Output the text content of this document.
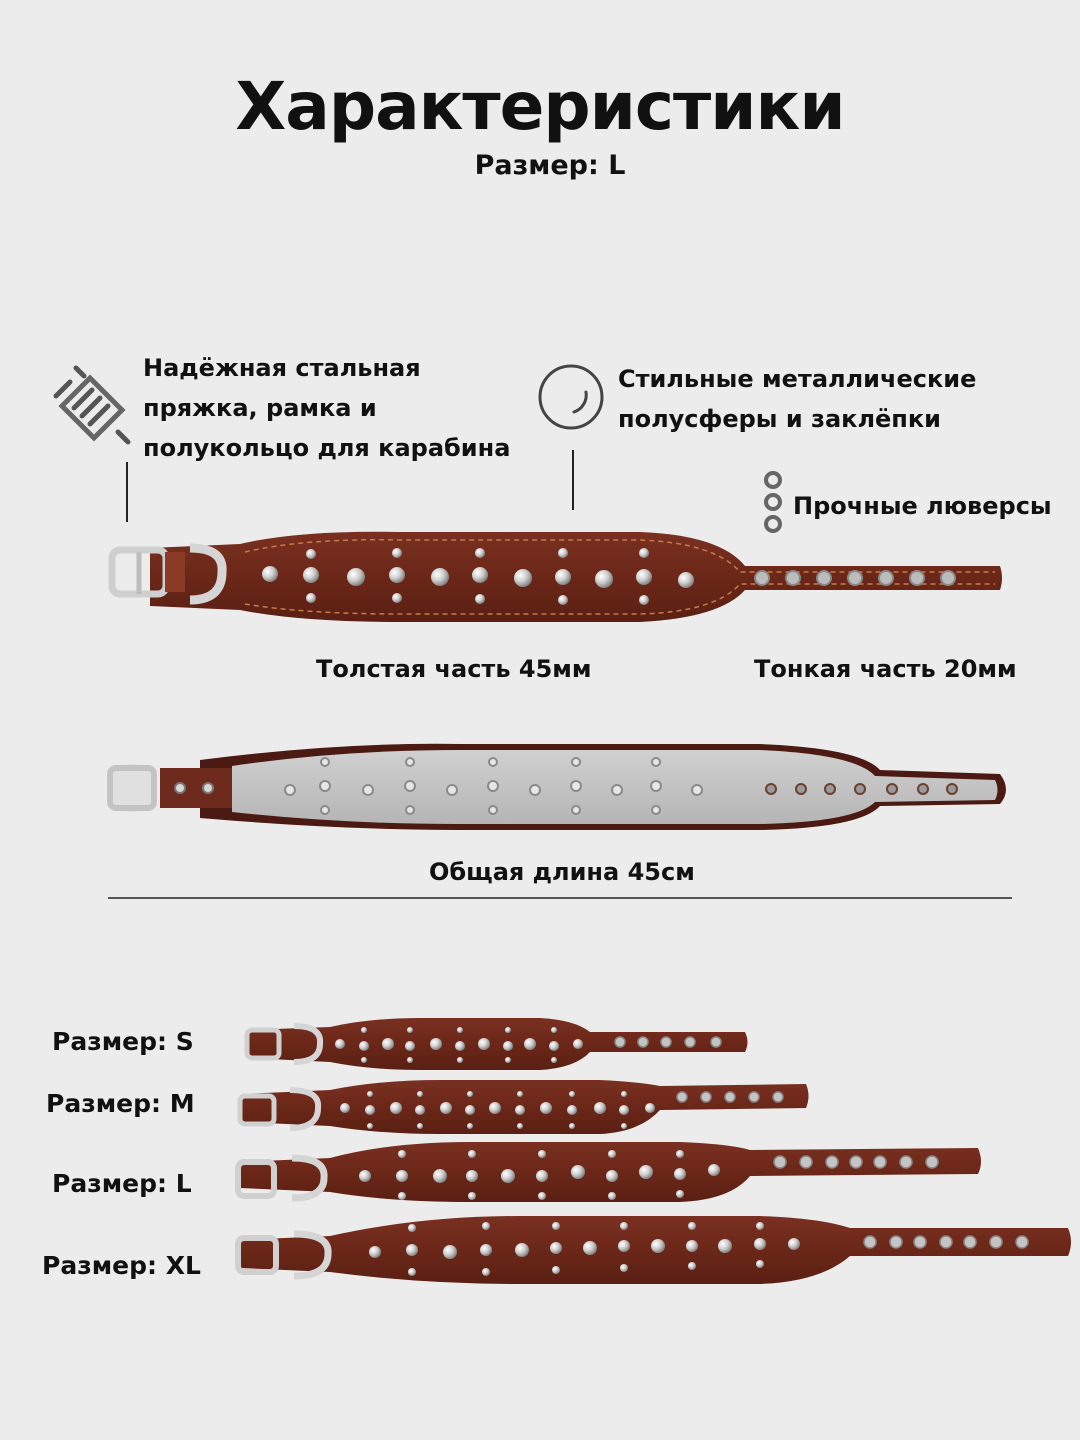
Характеристики
Размер: L
Надёжная стальная
пряжка, рамка и
полукольцо для карабина
Стильные металлические
полусферы и заклёпки
Прочные люверсы
Толстая часть 45мм	Тонкая часть 20мм
Общая длина 45см
Размер: S
Размер: M
Размер: L
Размер: XL
